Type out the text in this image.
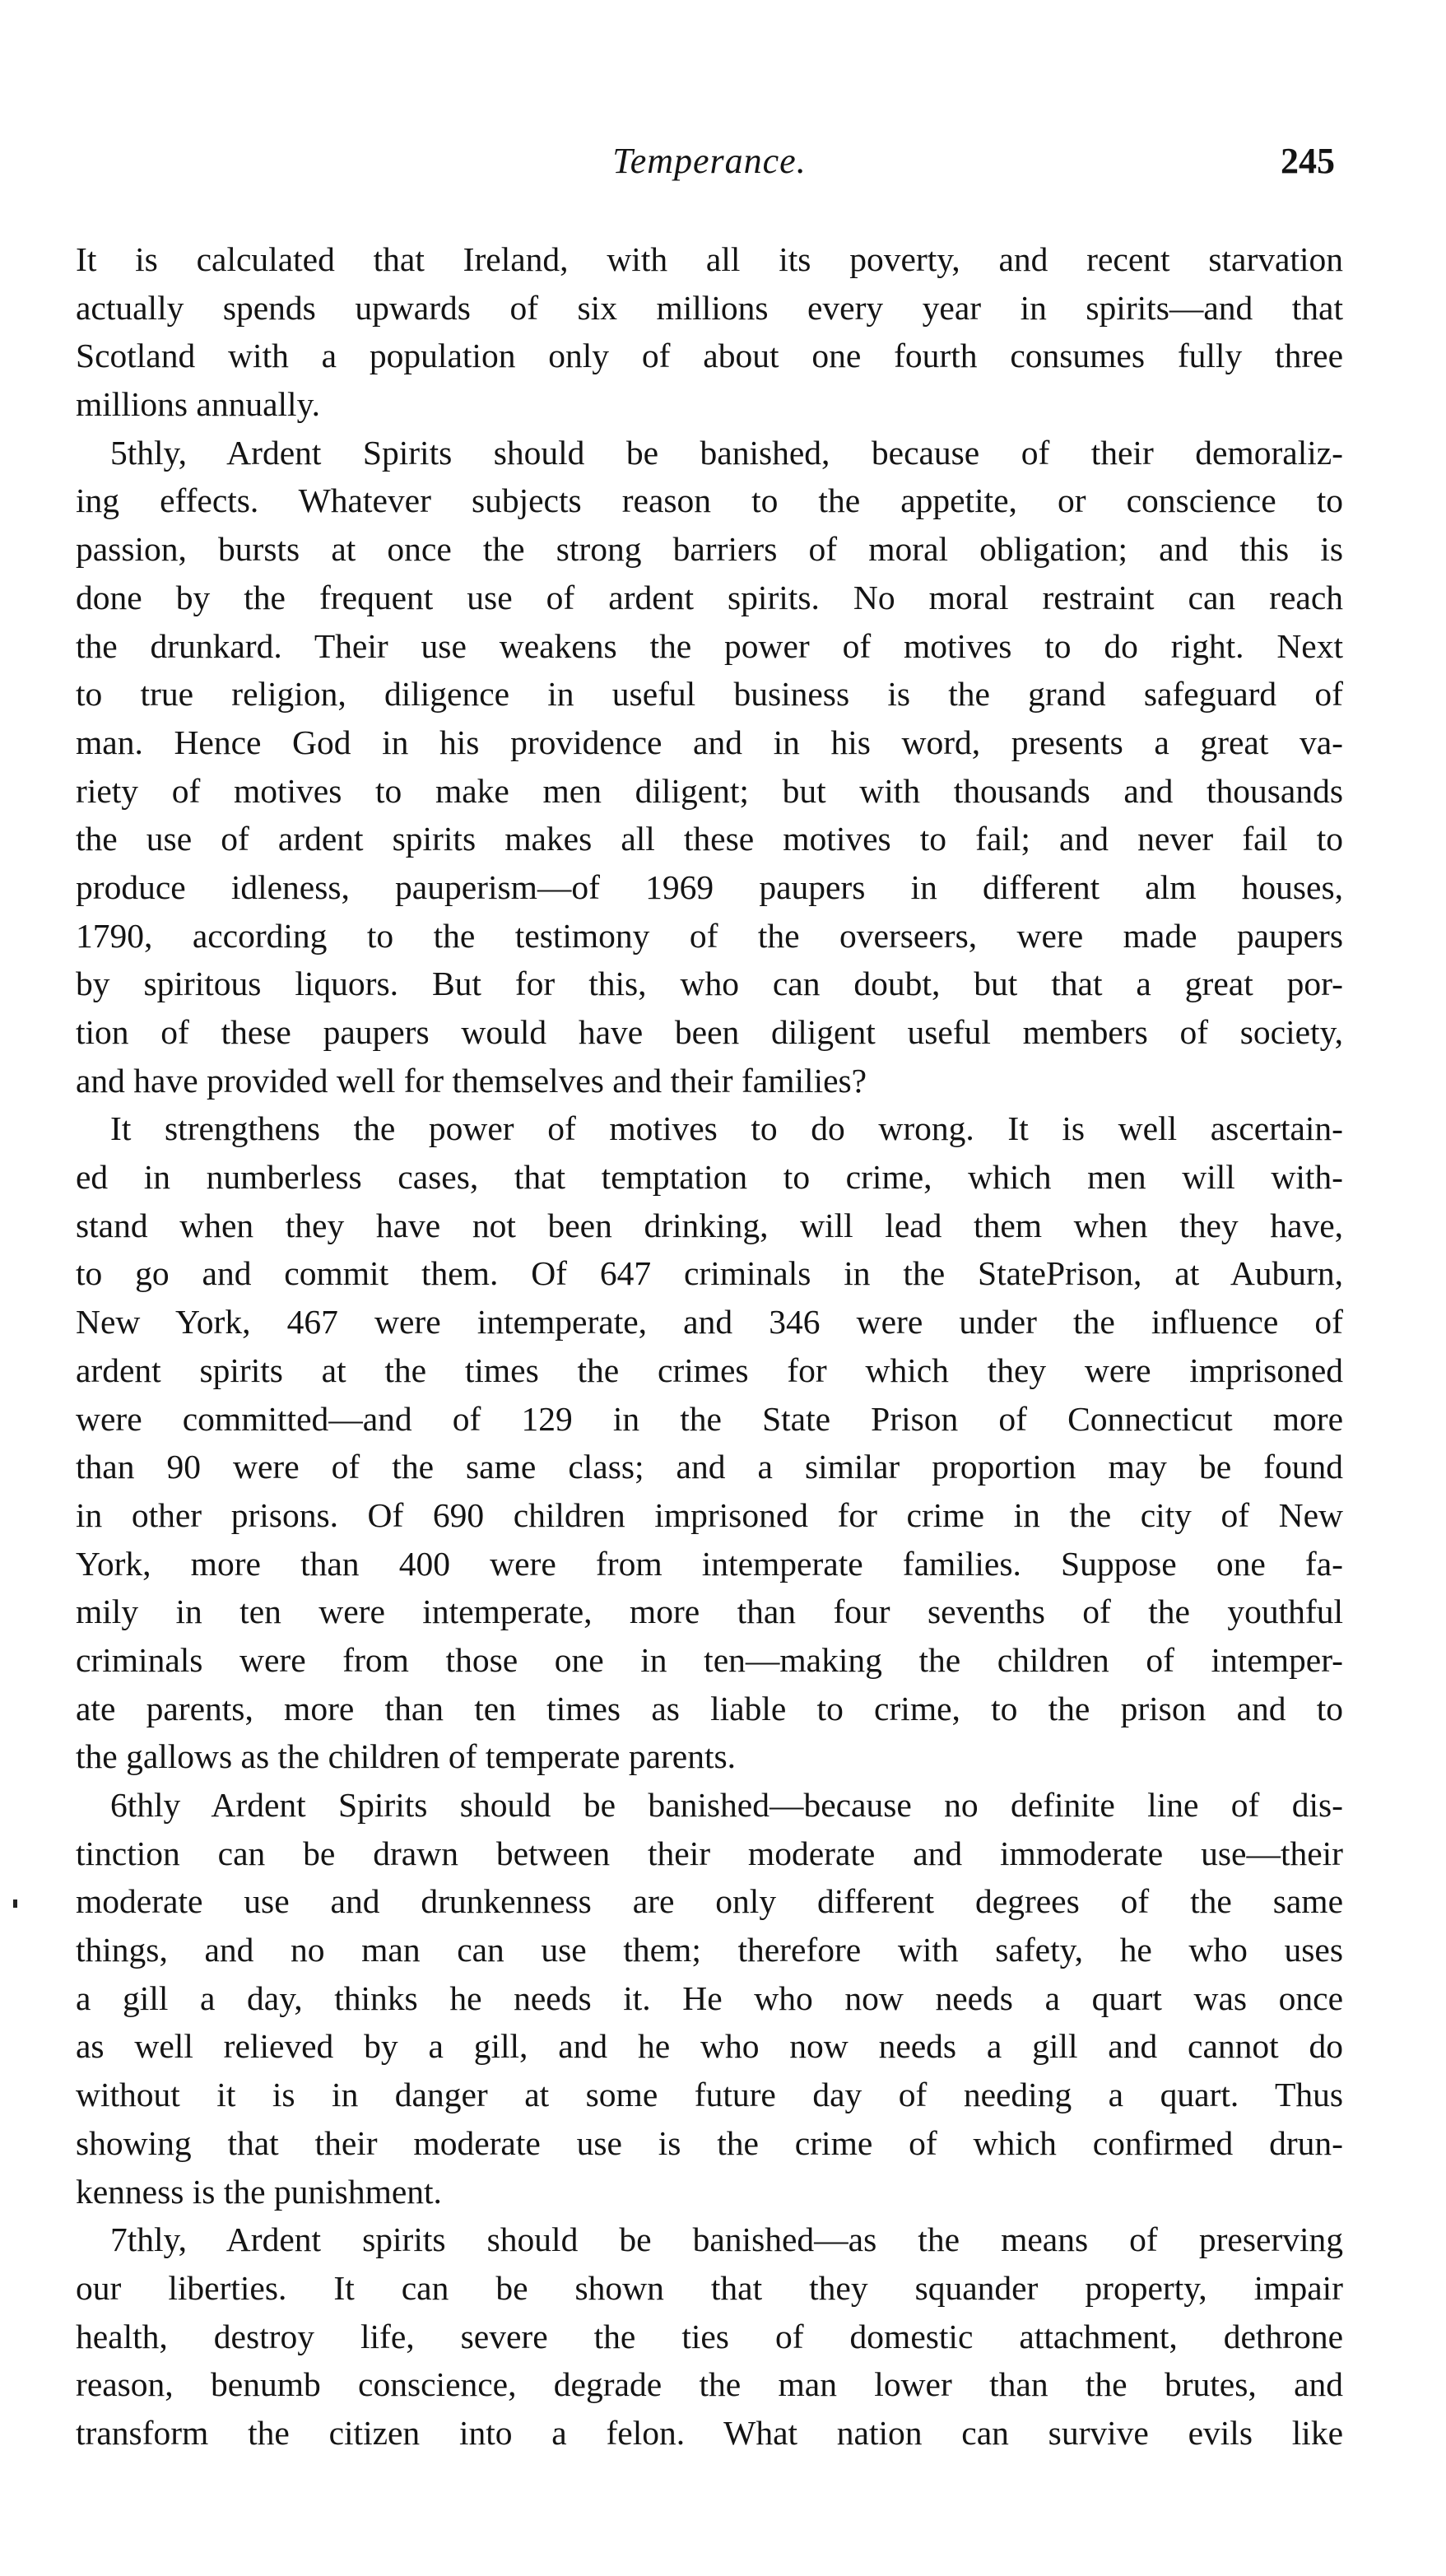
Temperance.	245
It is calculated that Ireland, with all its poverty, and recent starvation
actually spends upwards of six millions every year in spirits—and that
Scotland with a population only of about one fourth consumes fully three
millions annually.
5thly, Ardent Spirits should be banished, because of their demoraliz-
ing effects. Whatever subjects reason to the appetite, or conscience to
passion, bursts at once the strong barriers of moral obligation; and this is
done by the frequent use of ardent spirits. No moral restraint can reach
the drunkard. Their use weakens the power of motives to do right. Next
to true religion, diligence in useful business is the grand safeguard of
man. Hence God in his providence and in his word, presents a great va-
riety of motives to make men diligent; but with thousands and thousands
the use of ardent spirits makes all these motives to fail; and never fail to
produce idleness, pauperism—of 1969 paupers in different alm houses,
1790, according to the testimony of the overseers, were made paupers
by spiritous liquors. But for this, who can doubt, but that a great por-
tion of these paupers would have been diligent useful members of society,
and have provided well for themselves and their families?
It strengthens the power of motives to do wrong. It is well ascertain-
ed in numberless cases, that temptation to crime, which men will with-
stand when they have not been drinking, will lead them when they have,
to go and commit them. Of 647 criminals in the StatePrison, at Auburn,
New York, 467 were intemperate, and 346 were under the influence of
ardent spirits at the times the crimes for which they were imprisoned
were committed—and of 129 in the State Prison of Connecticut more
than 90 were of the same class; and a similar proportion may be found
in other prisons. Of 690 children imprisoned for crime in the city of New
York, more than 400 were from intemperate families. Suppose one fa-
mily in ten were intemperate, more than four sevenths of the youthful
criminals were from those one in ten—making the children of intemper-
ate parents, more than ten times as liable to crime, to the prison and to
the gallows as the children of temperate parents.
6thly Ardent Spirits should be banished—because no definite line of dis-
tinction can be drawn between their moderate and immoderate use—their
moderate use and drunkenness are only different degrees of the same
things, and no man can use them; therefore with safety, he who uses
a gill a day, thinks he needs it. He who now needs a quart was once
as well relieved by a gill, and he who now needs a gill and cannot do
without it is in danger at some future day of needing a quart. Thus
showing that their moderate use is the crime of which confirmed drun-
kenness is the punishment.
7thly, Ardent spirits should be banished—as the means of preserving
our liberties. It can be shown that they squander property, impair
health, destroy life, severe the ties of domestic attachment, dethrone
reason, benumb conscience, degrade the man lower than the brutes, and
transform the citizen into a felon. What nation can survive evils like
